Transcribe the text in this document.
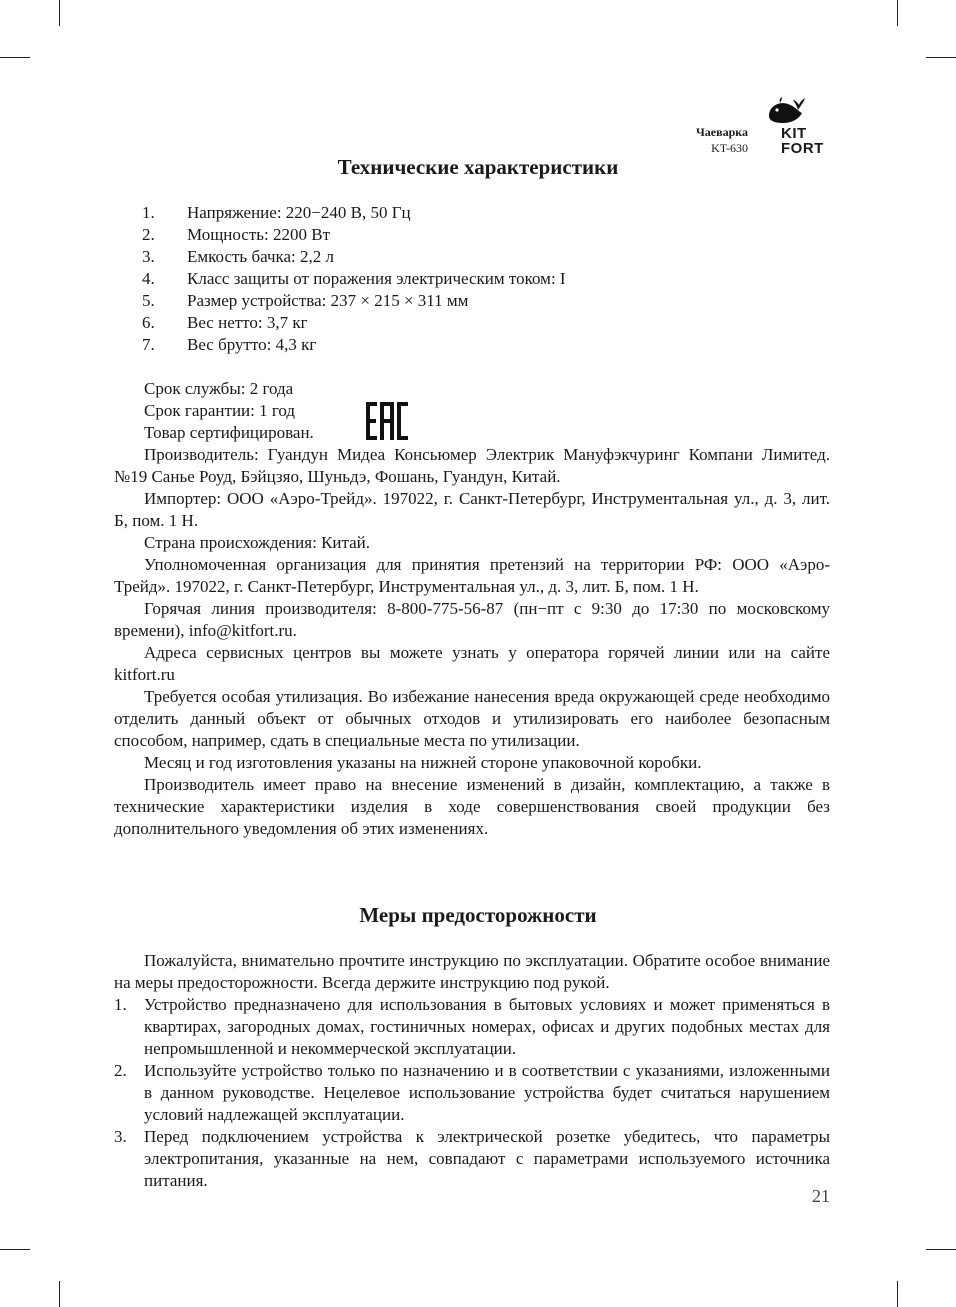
Чаеварка
KT-630
KIT
FORT
Технические характеристики
1. Напряжение: 220−240 В, 50 Гц
2. Мощность: 2200 Вт
3. Емкость бачка: 2,2 л
4. Класс защиты от поражения электрическим током: I
5. Размер устройства: 237 × 215 × 311 мм
6. Вес нетто: 3,7 кг
7. Вес брутто: 4,3 кг
Срок службы: 2 года
Срок гарантии: 1 год
Товар сертифицирован.

Производитель: Гуандун Мидеа Консьюмер Электрик Мануфэкчуринг Компани Лимитед. №19 Санье Роуд, Бэйцзяо, Шуньдэ, Фошань, Гуандун, Китай.

Импортер: ООО «Аэро-Трейд». 197022, г. Санкт-Петербург, Инструментальная ул., д. 3, лит. Б, пом. 1 Н.

Страна происхождения: Китай.

Уполномоченная организация для принятия претензий на территории РФ: ООО «Аэро-Трейд». 197022, г. Санкт-Петербург, Инструментальная ул., д. 3, лит. Б, пом. 1 Н.

Горячая линия производителя: 8-800-775-56-87 (пн−пт с 9:30 до 17:30 по московскому времени), info@kitfort.ru.

Адреса сервисных центров вы можете узнать у оператора горячей линии или на сайте kitfort.ru

Требуется особая утилизация. Во избежание нанесения вреда окружающей среде необходимо отделить данный объект от обычных отходов и утилизировать его наиболее безопасным способом, например, сдать в специальные места по утилизации.

Месяц и год изготовления указаны на нижней стороне упаковочной коробки.

Производитель имеет право на внесение изменений в дизайн, комплектацию, а также в технические характеристики изделия в ходе совершенствования своей продукции без дополнительного уведомления об этих изменениях.

Меры предосторожности

Пожалуйста, внимательно прочтите инструкцию по эксплуатации. Обратите особое внимание на меры предосторожности. Всегда держите инструкцию под рукой.

1. Устройство предназначено для использования в бытовых условиях и может применяться в квартирах, загородных домах, гостиничных номерах, офисах и других подобных местах для непромышленной и некоммерческой эксплуатации.
2. Используйте устройство только по назначению и в соответствии с указаниями, изложенными в данном руководстве. Нецелевое использование устройства будет считаться нарушением условий надлежащей эксплуатации.
3. Перед подключением устройства к электрической розетке убедитесь, что параметры электропитания, указанные на нем, совпадают с параметрами используемого источника питания.
21
